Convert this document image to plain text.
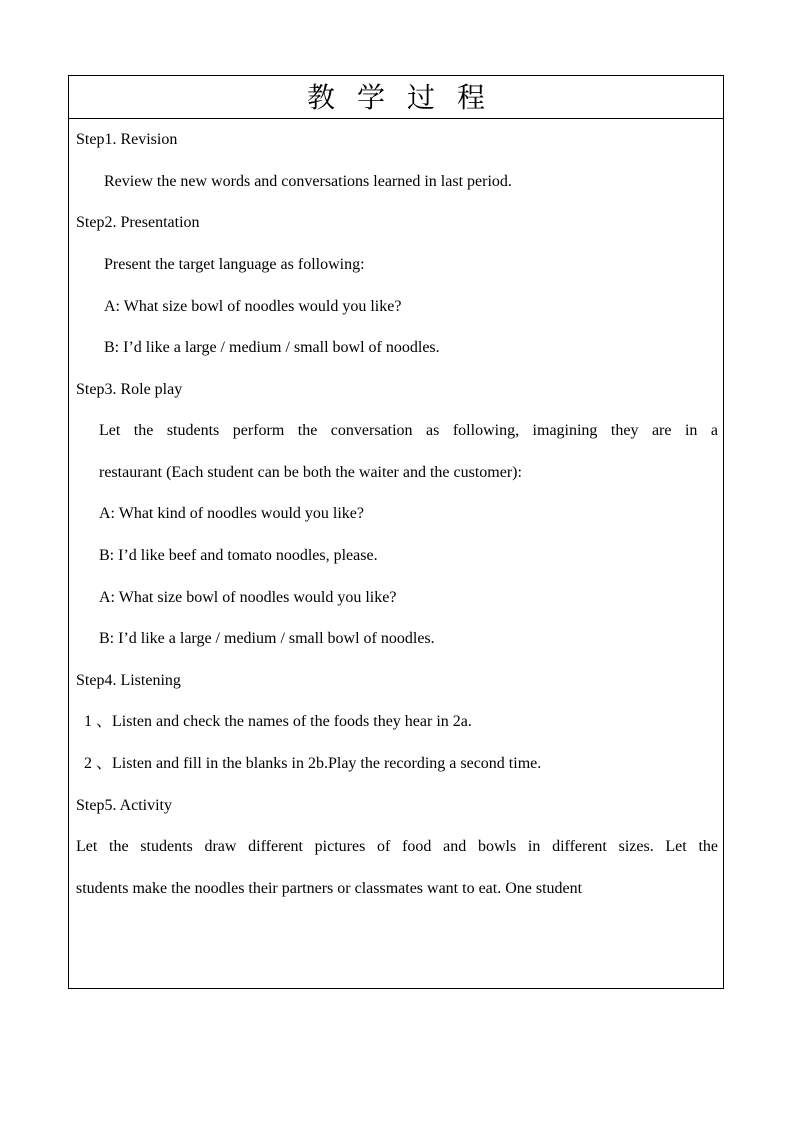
教学过程
Step1. Revision
Review the new words and conversations learned in last period.
Step2. Presentation
Present the target language as following:
A: What size bowl of noodles would you like?
B: I’d like a large / medium / small bowl of noodles.
Step3. Role play
Let the students perform the conversation as following, imagining they are in a
restaurant (Each student can be both the waiter and the customer):
A: What kind of noodles would you like?
B: I’d like beef and tomato noodles, please.
A: What size bowl of noodles would you like?
B: I’d like a large / medium / small bowl of noodles.
Step4. Listening
1 、Listen and check the names of the foods they hear in 2a.
2 、Listen and fill in the blanks in 2b.Play the recording a second time.
Step5. Activity
Let the students draw different pictures of food and bowls in different sizes. Let the
students make the noodles their partners or classmates want to eat. One student
